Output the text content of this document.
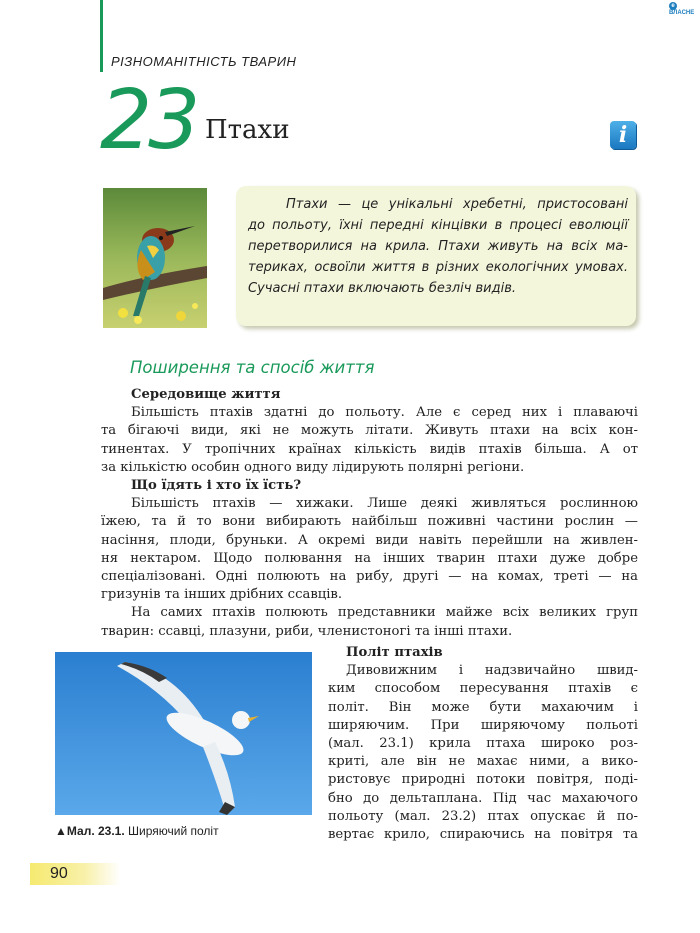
РІЗНОМАНІТНІСТЬ ТВАРИН
e ВЛАСНЕ
23 Птахи	i
Птахи — це унікальні хребетні, пристосовані
до польоту, їхні передні кінцівки в процесі еволюції
перетворилися на крила. Птахи живуть на всіх ма-
териках, освоїли життя в різних екологічних умовах.
Сучасні птахи включають безліч видів.
Поширення та спосіб життя
Середовище життя
Більшість птахів здатні до польоту. Але є серед них і плаваючі
та бігаючі види, які не можуть літати. Живуть птахи на всіх кон-
тинентах. У тропічних країнах кількість видів птахів більша. А от
за кількістю особин одного виду лідирують полярні регіони.
Що їдять і хто їх їсть?
Більшість птахів — хижаки. Лише деякі живляться рослинною
їжею, та й то вони вибирають найбільш поживні частини рослин —
насіння, плоди, бруньки. А окремі види навіть перейшли на живлен-
ня нектаром. Щодо полювання на інших тварин птахи дуже добре
спеціалізовані. Одні полюють на рибу, другі — на комах, треті — на
гризунів та інших дрібних ссавців.
На самих птахів полюють представники майже всіх великих груп
тварин: ссавці, плазуни, риби, членистоногі та інші птахи.
▲Мал. 23.1. Ширяючий політ
Політ птахів
Дивовижним і надзвичайно швид-
ким способом пересування птахів є
політ. Він може бути махаючим і
ширяючим. При ширяючому польоті
(мал. 23.1) крила птаха широко роз-
криті, але він не махає ними, а вико-
ристовує природні потоки повітря, поді-
бно до дельтаплана. Під час махаючого
польоту (мал. 23.2) птах опускає й по-
вертає крило, спираючись на повітря та
90
